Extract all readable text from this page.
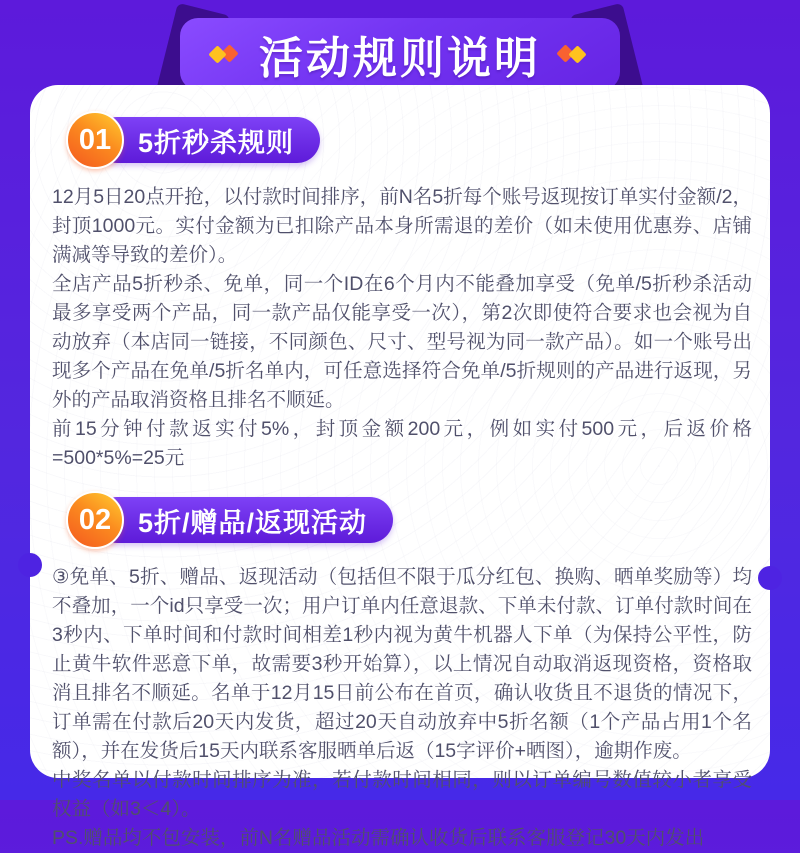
活动规则说明
01 5折秒杀规则

12月5日20点开抢，以付款时间排序，前N名5折每个账号返现按订单实付金额/2，封顶1000元。实付金额为已扣除产品本身所需退的差价（如未使用优惠券、店铺满减等导致的差价）。

全店产品5折秒杀、免单，同一个ID在6个月内不能叠加享受（免单/5折秒杀活动最多享受两个产品，同一款产品仅能享受一次），第2次即使符合要求也会视为自动放弃（本店同一链接，不同颜色、尺寸、型号视为同一款产品）。如一个账号出现多个产品在免单/5折名单内，可任意选择符合免单/5折规则的产品进行返现，另外的产品取消资格且排名不顺延。

前15分钟付款返实付5%，封顶金额200元，例如实付500元，后返价格=500*5%=25元

02 5折/赠品/返现活动

③免单、5折、赠品、返现活动（包括但不限于瓜分红包、换购、晒单奖励等）均不叠加，一个id只享受一次；用户订单内任意退款、下单未付款、订单付款时间在3秒内、下单时间和付款时间相差1秒内视为黄牛机器人下单（为保持公平性，防止黄牛软件恶意下单，故需要3秒开始算），以上情况自动取消返现资格，资格取消且排名不顺延。名单于12月15日前公布在首页，确认收货且不退货的情况下，订单需在付款后20天内发货，超过20天自动放弃中5折名额（1个产品占用1个名额），并在发货后15天内联系客服晒单后返（15字评价+晒图），逾期作废。

中奖名单以付款时间排序为准，若付款时间相同，则以订单编号数值较小者享受权益（如3＜4）。

PS.赠品均不包安装，前N名赠品活动需确认收货后联系客服登记30天内发出
